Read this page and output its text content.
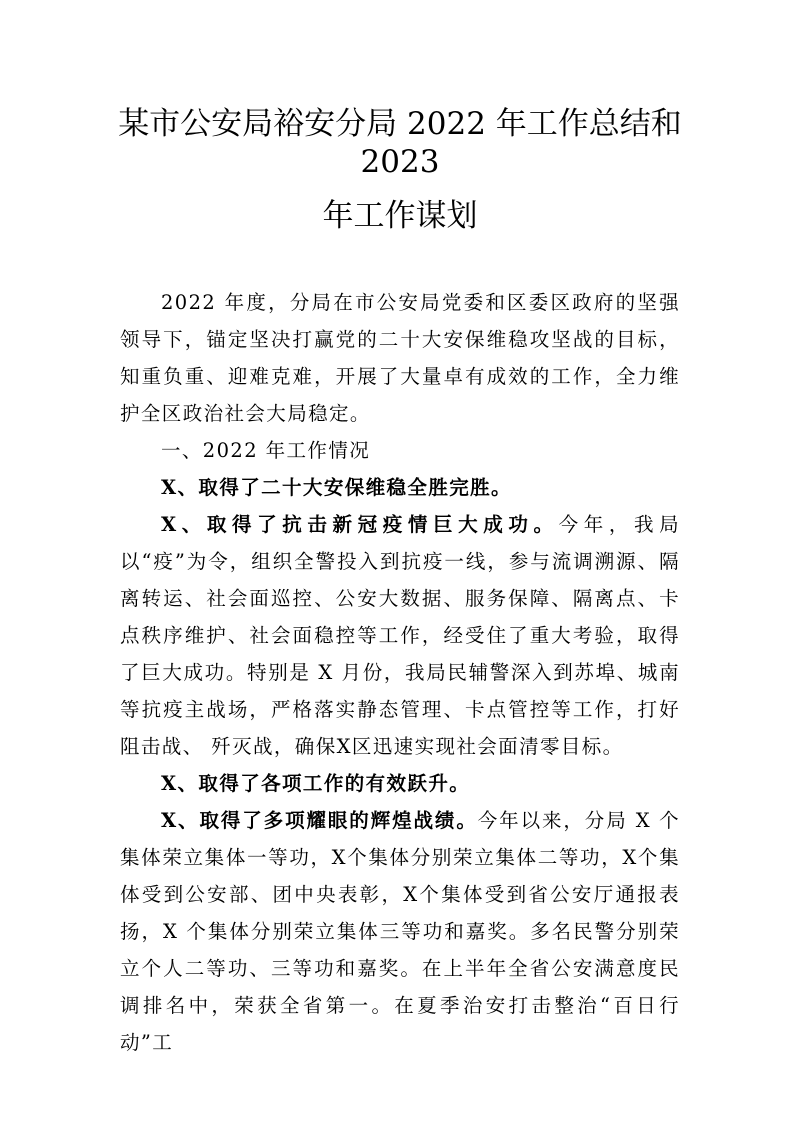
某市公安局裕安分局 2022 年工作总结和
2023
年工作谋划

2022 年度，分局在市公安局党委和区委区政府的坚强领导下，锚定坚决打赢党的二十大安保维稳攻坚战的目标，知重负重、迎难克难，开展了大量卓有成效的工作，全力维护全区政治社会大局稳定。

一、2022 年工作情况

X、取得了二十大安保维稳全胜完胜。

X、取得了抗击新冠疫情巨大成功。今年，我局以“疫”为令，组织全警投入到抗疫一线，参与流调溯源、隔离转运、社会面巡控、公安大数据、服务保障、隔离点、卡点秩序维护、社会面稳控等工作，经受住了重大考验，取得了巨大成功。特别是 X 月份，我局民辅警深入到苏埠、城南等抗疫主战场，严格落实静态管理、卡点管控等工作，打好阻击战、 歼灭战，确保X区迅速实现社会面清零目标。

X、取得了各项工作的有效跃升。

X、取得了多项耀眼的辉煌战绩。今年以来，分局 X 个集体荣立集体一等功，X个集体分别荣立集体二等功，X个集体受到公安部、团中央表彰，X个集体受到省公安厅通报表扬，X 个集体分别荣立集体三等功和嘉奖。多名民警分别荣立个人二等功、三等功和嘉奖。在上半年全省公安满意度民调排名中，荣获全省第一。在夏季治安打击整治“百日行动”工
